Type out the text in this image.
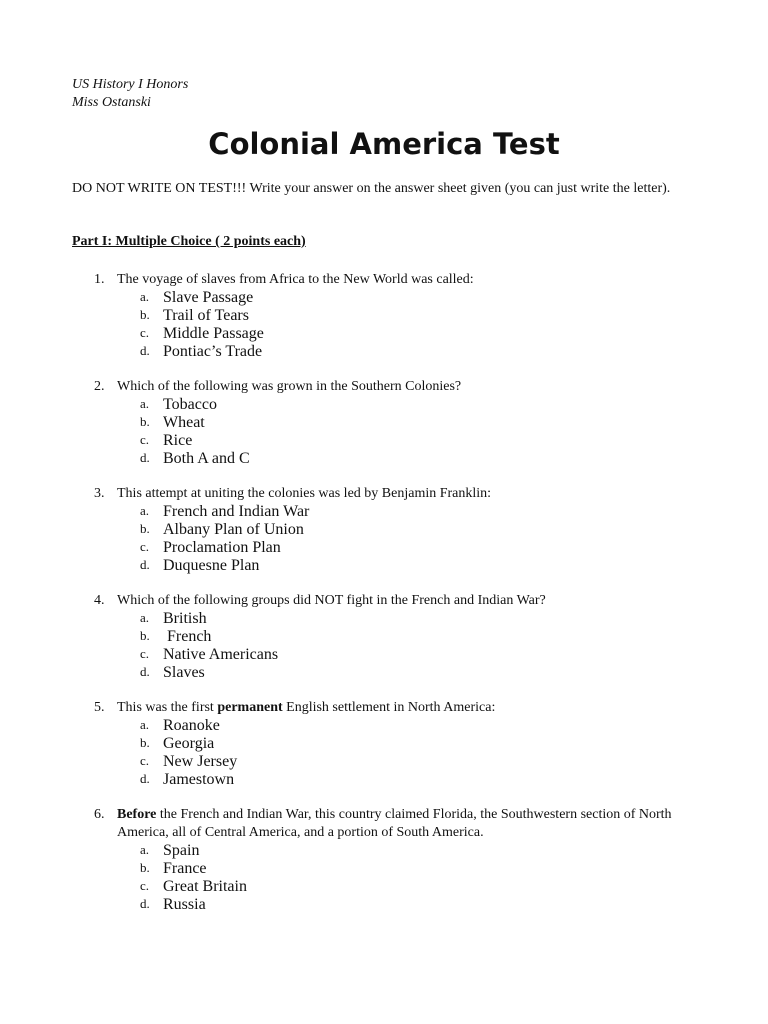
US History I Honors
Miss Ostanski
Colonial America Test
DO NOT WRITE ON TEST!!! Write your answer on the answer sheet given (you can just write the letter).
Part I: Multiple Choice ( 2 points each)
1. The voyage of slaves from Africa to the New World was called:
a. Slave Passage
b. Trail of Tears
c. Middle Passage
d. Pontiac’s Trade
2. Which of the following was grown in the Southern Colonies?
a. Tobacco
b. Wheat
c. Rice
d. Both A and C
3. This attempt at uniting the colonies was led by Benjamin Franklin:
a. French and Indian War
b. Albany Plan of Union
c. Proclamation Plan
d. Duquesne Plan
4. Which of the following groups did NOT fight in the French and Indian War?
a. British
b. French
c. Native Americans
d. Slaves
5. This was the first permanent English settlement in North America:
a. Roanoke
b. Georgia
c. New Jersey
d. Jamestown
6. Before the French and Indian War, this country claimed Florida, the Southwestern section of North America, all of Central America, and a portion of South America.
a. Spain
b. France
c. Great Britain
d. Russia
